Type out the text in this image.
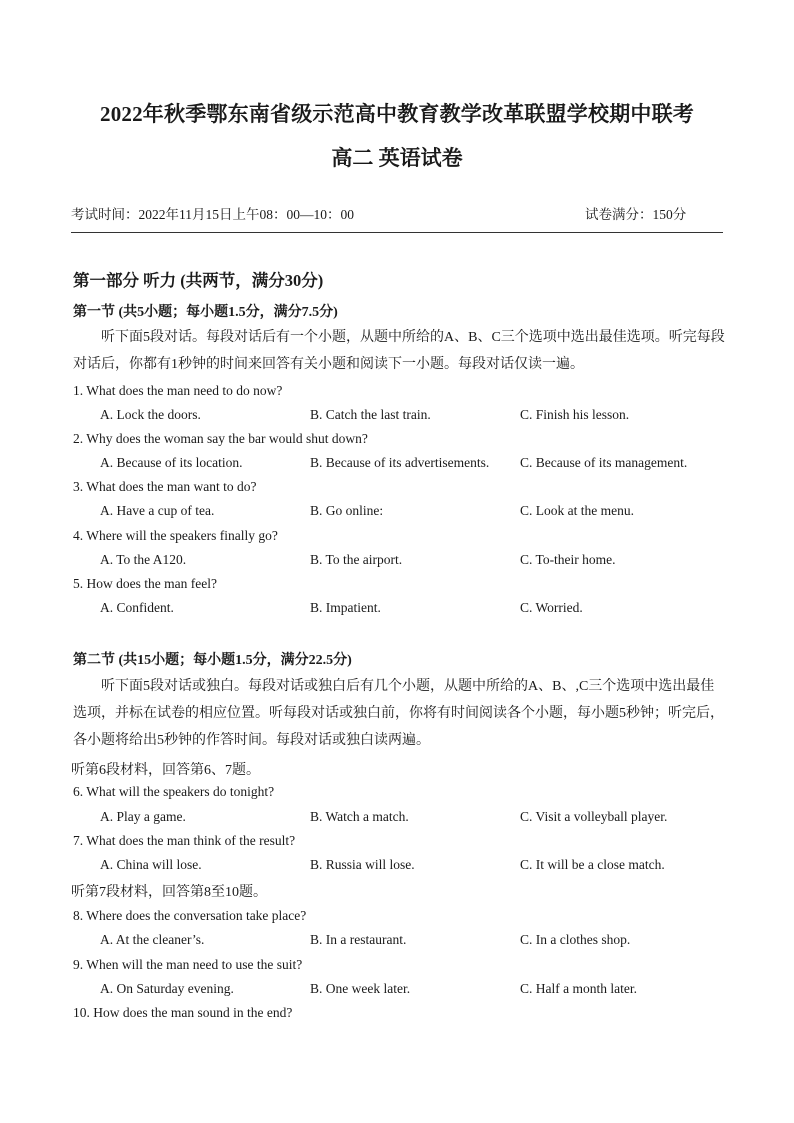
2022年秋季鄂东南省级示范高中教育教学改革联盟学校期中联考
高二 英语试卷
考试时间：2022年11月15日上午08：00—10：00	试卷满分：150分
第一部分 听力 (共两节，满分30分)
第一节 (共5小题；每小题1.5分，满分7.5分)
听下面5段对话。每段对话后有一个小题，从题中所给的A、B、C三个选项中选出最佳选项。听完每段
对话后，你都有1秒钟的时间来回答有关小题和阅读下一小题。每段对话仅读一遍。
1. What does the man need to do now?
A. Lock the doors.	B. Catch the last train.	C. Finish his lesson.
2. Why does the woman say the bar would shut down?
A. Because of its location.	B. Because of its advertisements. C. Because of its management.
3. What does the man want to do?
A. Have a cup of tea.	B. Go online:	C. Look at the menu.
4. Where will the speakers finally go?
A. To the A120.	B. To the airport.	C. To-their home.
5. How does the man feel?
A. Confident.	B. Impatient.	C. Worried.
第二节 (共15小题；每小题1.5分，满分22.5分)
听下面5段对话或独白。每段对话或独白后有几个小题，从题中所给的A、B、,C三个选项中选出最佳
选项，并标在试卷的相应位置。听每段对话或独白前，你将有时间阅读各个小题，每小题5秒钟；听完后，
各小题将给出5秒钟的作答时间。每段对话或独白读两遍。
听第6段材料，回答第6、7题。
6. What will the speakers do tonight?
A. Play a game.	B. Watch a match.	C. Visit a volleyball player.
7. What does the man think of the result?
A. China will lose.	B. Russia will lose.	C. It will be a close match.
听第7段材料，回答第8至10题。
8. Where does the conversation take place?
A. At the cleaner’s.	B. In a restaurant.	C. In a clothes shop.
9. When will the man need to use the suit?
A. On Saturday evening.	B. One week later.	C. Half a month later.
10. How does the man sound in the end?
